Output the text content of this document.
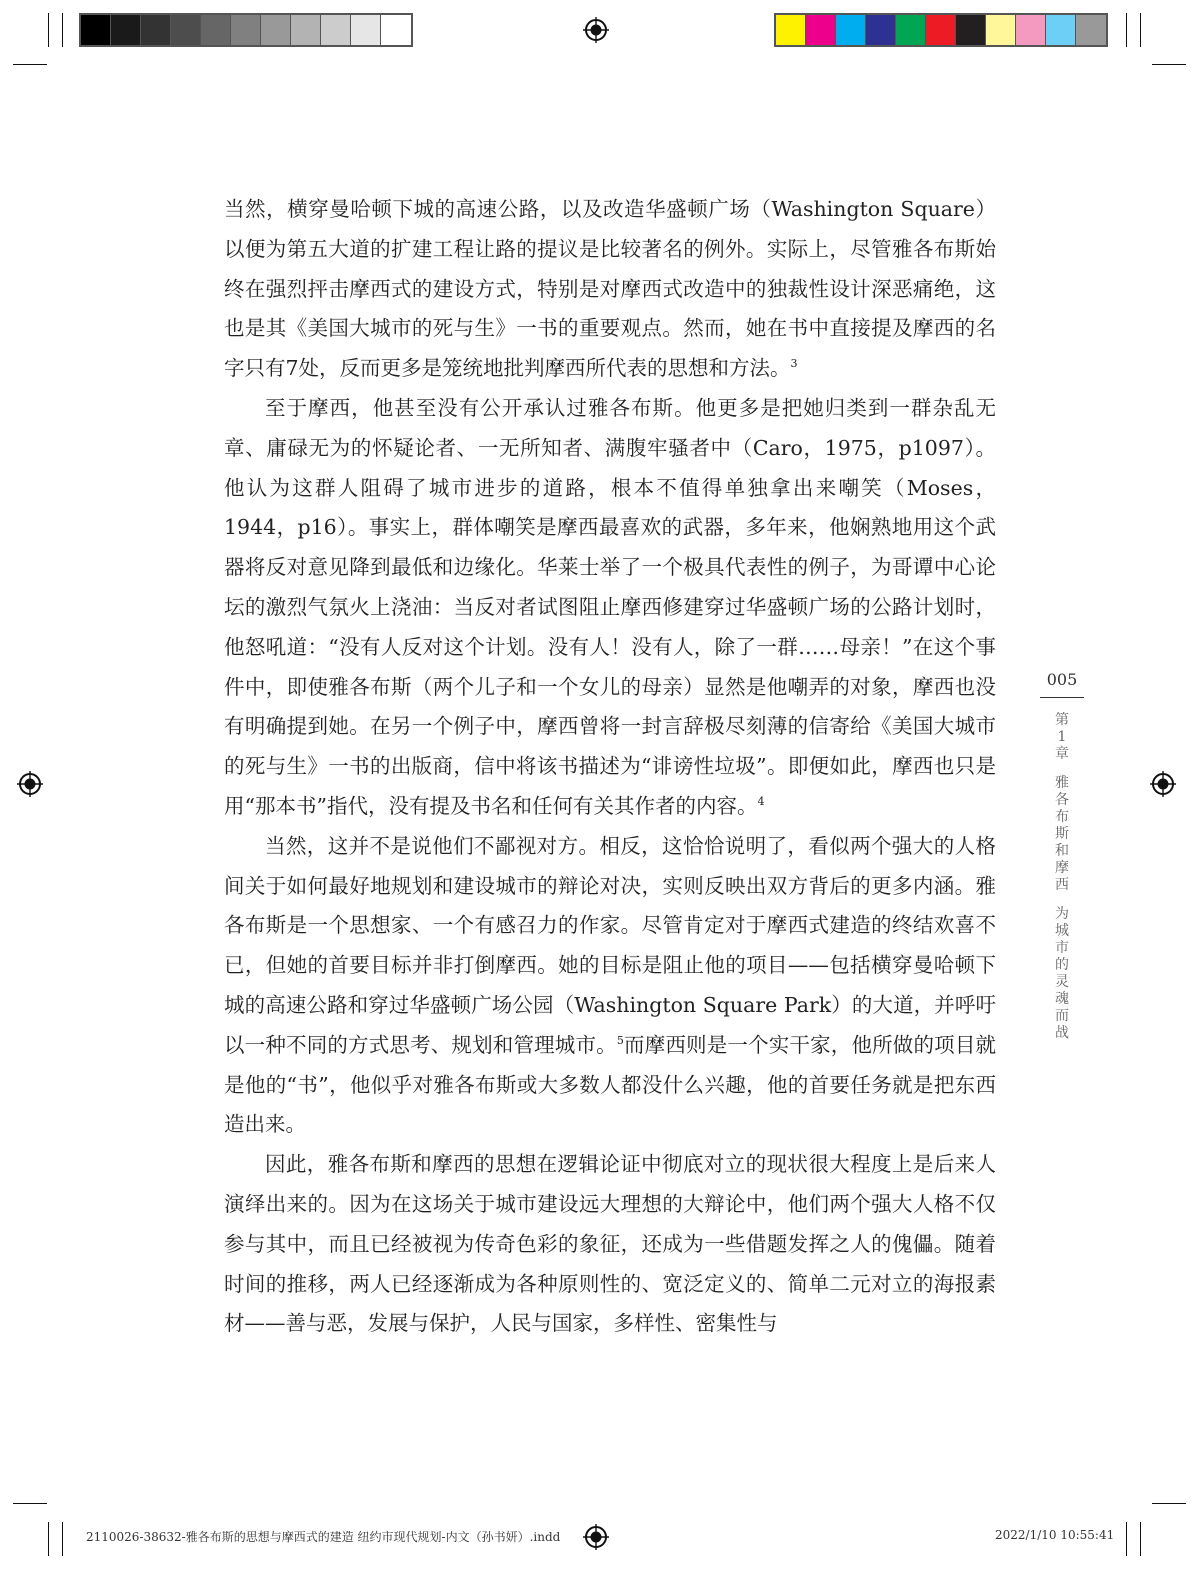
当然，横穿曼哈顿下城的高速公路，以及改造华盛顿广场（Washington Square）以便为第五大道的扩建工程让路的提议是比较著名的例外。实际上，尽管雅各布斯始终在强烈抨击摩西式的建设方式，特别是对摩西式改造中的独裁性设计深恶痛绝，这也是其《美国大城市的死与生》一书的重要观点。然而，她在书中直接提及摩西的名字只有7处，反而更多是笼统地批判摩西所代表的思想和方法。$^3$

至于摩西，他甚至没有公开承认过雅各布斯。他更多是把她归类到一群杂乱无章、庸碌无为的怀疑论者、一无所知者、满腹牢骚者中（Caro，1975，p1097）。他认为这群人阻碍了城市进步的道路，根本不值得单独拿出来嘲笑（Moses，1944，p16）。事实上，群体嘲笑是摩西最喜欢的武器，多年来，他娴熟地用这个武器将反对意见降到最低和边缘化。华莱士举了一个极具代表性的例子，为哥谭中心论坛的激烈气氛火上浇油：当反对者试图阻止摩西修建穿过华盛顿广场的公路计划时，他怒吼道：“没有人反对这个计划。没有人！没有人，除了一群……母亲！”在这个事件中，即使雅各布斯（两个儿子和一个女儿的母亲）显然是他嘲弄的对象，摩西也没有明确提到她。在另一个例子中，摩西曾将一封言辞极尽刻薄的信寄给《美国大城市的死与生》一书的出版商，信中将该书描述为“诽谤性垃圾”。即便如此，摩西也只是用“那本书”指代，没有提及书名和任何有关其作者的内容。$^4$

当然，这并不是说他们不鄙视对方。相反，这恰恰说明了，看似两个强大的人格间关于如何最好地规划和建设城市的辩论对决，实则反映出双方背后的更多内涵。雅各布斯是一个思想家、一个有感召力的作家。尽管肯定对于摩西式建造的终结欢喜不已，但她的首要目标并非打倒摩西。她的目标是阻止他的项目——包括横穿曼哈顿下城的高速公路和穿过华盛顿广场公园（Washington Square Park）的大道，并呼吁以一种不同的方式思考、规划和管理城市。$^5$而摩西则是一个实干家，他所做的项目就是他的“书”，他似乎对雅各布斯或大多数人都没什么兴趣，他的首要任务就是把东西造出来。

因此，雅各布斯和摩西的思想在逻辑论证中彻底对立的现状很大程度上是后来人演绎出来的。因为在这场关于城市建设远大理想的大辩论中，他们两个强大人格不仅参与其中，而且已经被视为传奇色彩的象征，还成为一些借题发挥之人的傀儡。随着时间的推移，两人已经逐渐成为各种原则性的、宽泛定义的、简单二元对立的海报素材——善与恶，发展与保护，人民与国家，多样性、密集性与

005
第1章
雅各布斯和摩西
为城市的灵魂而战
2110026-38632-雅各布斯的思想与摩西式的建造 纽约市现代规划-内文（孙书妍）.indd	2022/1/10 10:55:41
